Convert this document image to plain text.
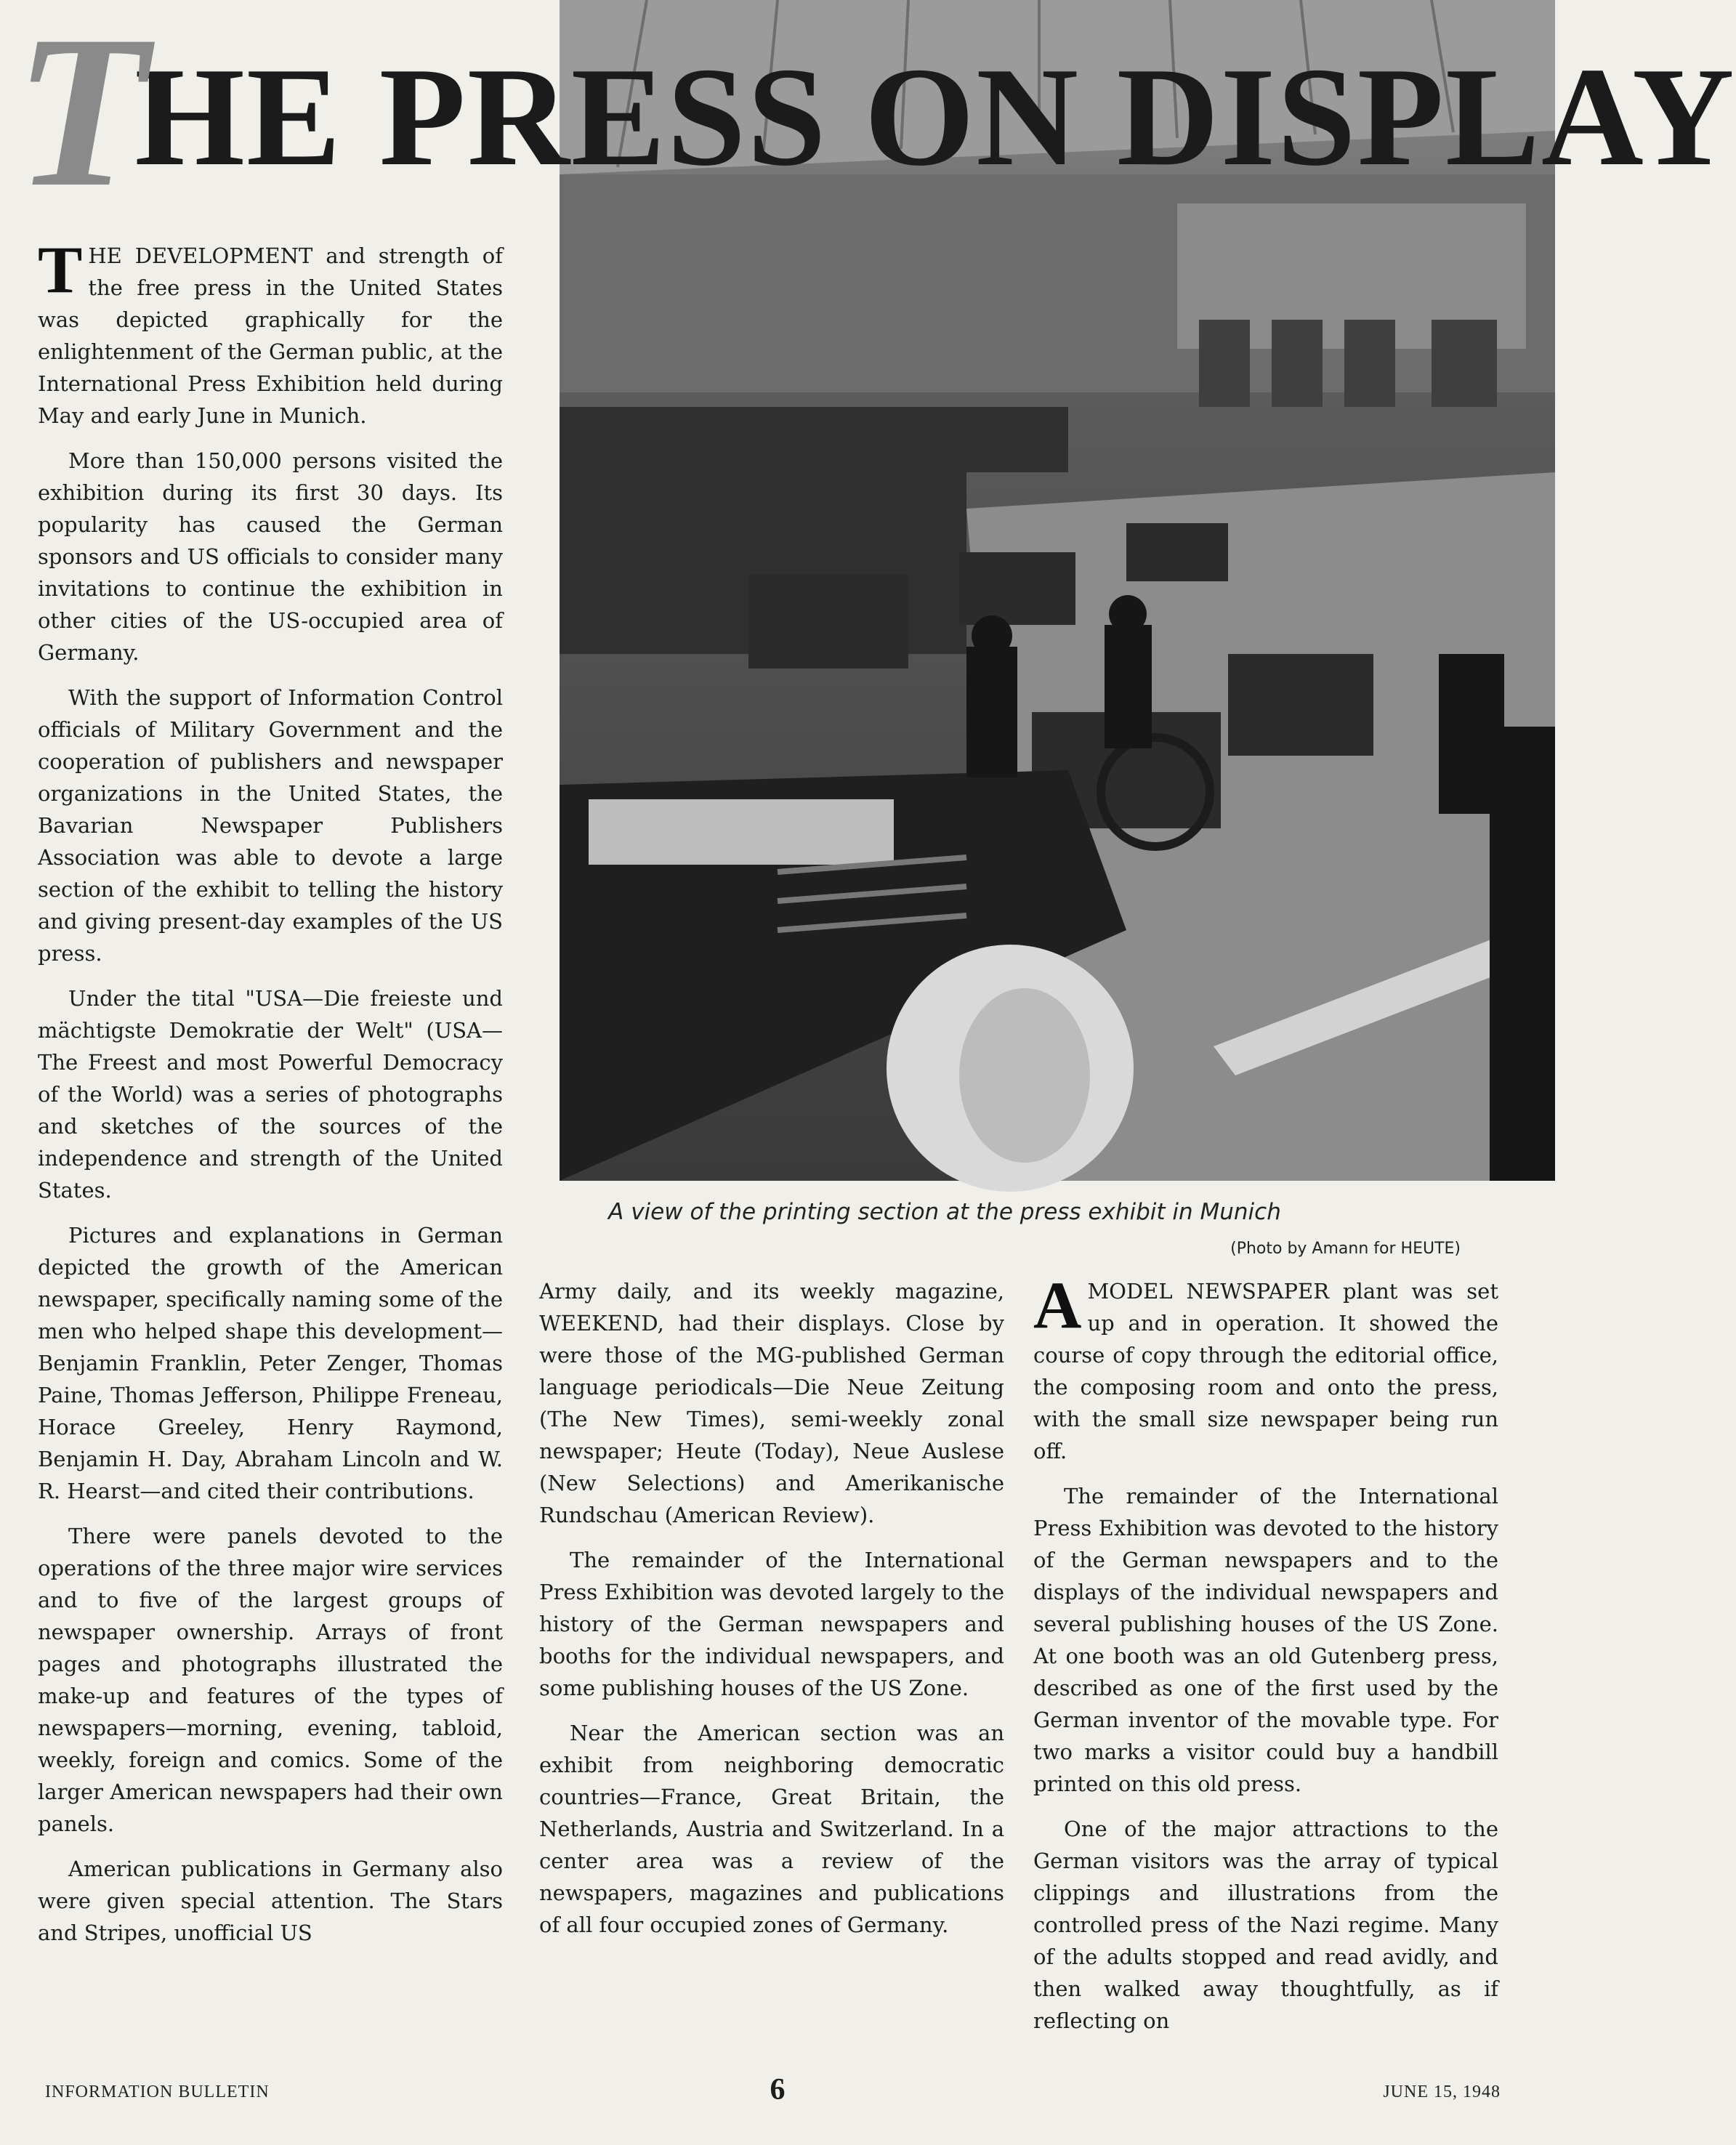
THE PRESS ON DISPLAY
A view of the printing section at the press exhibit in Munich
(Photo by Amann for HEUTE)

THE DEVELOPMENT and strength of the free press in the United States was depicted graphically for the enlightenment of the German public, at the International Press Exhibition held during May and early June in Munich.

More than 150,000 persons visited the exhibition during its first 30 days. Its popularity has caused the German sponsors and US officials to consider many invitations to continue the exhibition in other cities of the US-occupied area of Germany.

With the support of Information Control officials of Military Government and the cooperation of publishers and newspaper organizations in the United States, the Bavarian Newspaper Publishers Association was able to devote a large section of the exhibit to telling the history and giving present-day examples of the US press.

Under the tital "USA—Die freieste und mächtigste Demokratie der Welt" (USA—The Freest and most Powerful Democracy of the World) was a series of photographs and sketches of the sources of the independence and strength of the United States.

Pictures and explanations in German depicted the growth of the American newspaper, specifically naming some of the men who helped shape this development—Benjamin Franklin, Peter Zenger, Thomas Paine, Thomas Jefferson, Philippe Freneau, Horace Greeley, Henry Raymond, Benjamin H. Day, Abraham Lincoln and W. R. Hearst—and cited their contributions.

There were panels devoted to the operations of the three major wire services and to five of the largest groups of newspaper ownership. Arrays of front pages and photographs illustrated the make-up and features of the types of newspapers—morning, evening, tabloid, weekly, foreign and comics. Some of the larger American newspapers had their own panels.

American publications in Germany also were given special attention. The Stars and Stripes, unofficial US

Army daily, and its weekly magazine, WEEKEND, had their displays. Close by were those of the MG-published German language periodicals—Die Neue Zeitung (The New Times), semi-weekly zonal newspaper; Heute (Today), Neue Auslese (New Selections) and Amerikanische Rundschau (American Review).

The remainder of the International Press Exhibition was devoted largely to the history of the German newspapers and booths for the individual newspapers, and some publishing houses of the US Zone.

Near the American section was an exhibit from neighboring democratic countries—France, Great Britain, the Netherlands, Austria and Switzerland. In a center area was a review of the newspapers, magazines and publications of all four occupied zones of Germany.

AMODEL NEWSPAPER plant was set up and in operation. It showed the course of copy through the editorial office, the composing room and onto the press, with the small size newspaper being run off.

The remainder of the International Press Exhibition was devoted to the history of the German newspapers and to the displays of the individual newspapers and several publishing houses of the US Zone. At one booth was an old Gutenberg press, described as one of the first used by the German inventor of the movable type. For two marks a visitor could buy a handbill printed on this old press.

One of the major attractions to the German visitors was the array of typical clippings and illustrations from the controlled press of the Nazi regime. Many of the adults stopped and read avidly, and then walked away thoughtfully, as if reflecting on

INFORMATION BULLETIN	6	JUNE 15, 1948
